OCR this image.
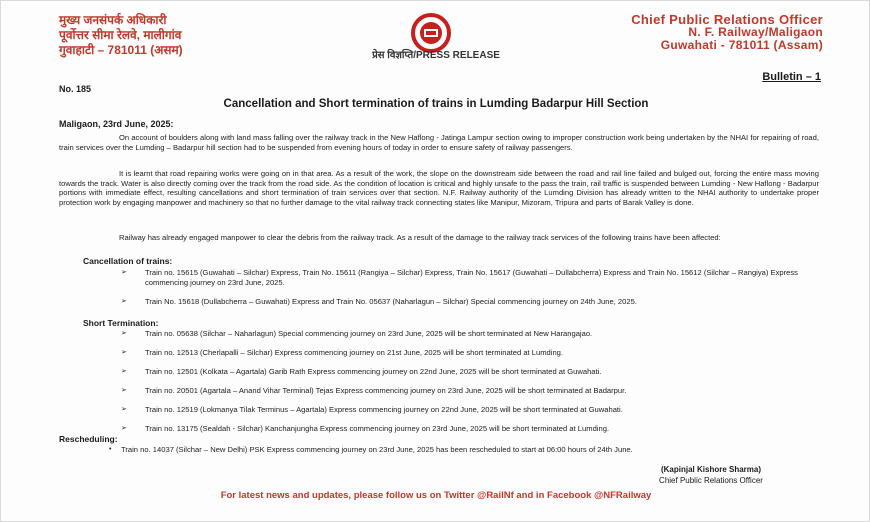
मुख्य जनसंपर्क अधिकारी
पूर्वोत्तर सीमा रेलवे, मालीगांव
गुवाहाटी – 781011 (असम)
Chief Public Relations Officer
N. F. Railway/Maligaon
Guwahati - 781011 (Assam)
प्रेस विज्ञप्ति/PRESS RELEASE
Bulletin – 1
No. 185
Cancellation and Short termination of trains in Lumding Badarpur Hill Section
Maligaon, 23rd June, 2025:
On account of boulders along with land mass falling over the railway track in the New Haflong - Jatinga Lampur section owing to improper construction work being undertaken by the NHAI for repairing of road, train services over the Lumding – Badarpur hill section had to be suspended from evening hours of today in order to ensure safety of railway passengers.
It is learnt that road repairing works were going on in that area. As a result of the work, the slope on the downstream side between the road and rail line failed and bulged out, forcing the entire mass moving towards the track. Water is also directly coming over the track from the road side. As the condition of location is critical and highly unsafe to the pass the train, rail traffic is suspended between Lumding - New Haflong - Badarpur portions with immediate effect, resulting cancellations and short termination of train services over that section. N.F. Railway authority of the Lumding Division has already written to the NHAI authority to undertake proper protection work by engaging manpower and machinery so that no further damage to the vital railway track connecting states like Manipur, Mizoram, Tripura and parts of Barak Valley is done.
Railway has already engaged manpower to clear the debris from the railway track. As a result of the damage to the railway track services of the following trains have been affected:
Cancellation of trains:
➢ Train no. 15615 (Guwahati – Silchar) Express, Train No. 15611 (Rangiya – Silchar) Express, Train No. 15617 (Guwahati – Dullabcherra) Express and Train No. 15612 (Silchar – Rangiya) Express commencing journey on 23rd June, 2025.
➢ Train No. 15618 (Dullabcherra – Guwahati) Express and Train No. 05637 (Naharlagun – Silchar) Special commencing journey on 24th June, 2025.
Short Termination:
➢ Train no. 05638 (Silchar – Naharlagun) Special commencing journey on 23rd June, 2025 will be short terminated at New Harangajao.
➢ Train no. 12513 (Cherlapalli – Silchar) Express commencing journey on 21st June, 2025 will be short terminated at Lumding.
➢ Train no. 12501 (Kolkata – Agartala) Garib Rath Express commencing journey on 22nd June, 2025 will be short terminated at Guwahati.
➢ Train no. 20501 (Agartala – Anand Vihar Terminal) Tejas Express commencing journey on 23rd June, 2025 will be short terminated at Badarpur.
➢ Train no. 12519 (Lokmanya Tilak Terminus – Agartala) Express commencing journey on 22nd June, 2025 will be short terminated at Guwahati.
➢ Train no. 13175 (Sealdah - Silchar) Kanchanjungha Express commencing journey on 23rd June, 2025 will be short terminated at Lumding.
Rescheduling:
• Train no. 14037 (Silchar – New Delhi) PSK Express commencing journey on 23rd June, 2025 has been rescheduled to start at 06:00 hours of 24th June.
(Kapinjal Kishore Sharma)
Chief Public Relations Officer
For latest news and updates, please follow us on Twitter @RailNf and in Facebook @NFRailway
